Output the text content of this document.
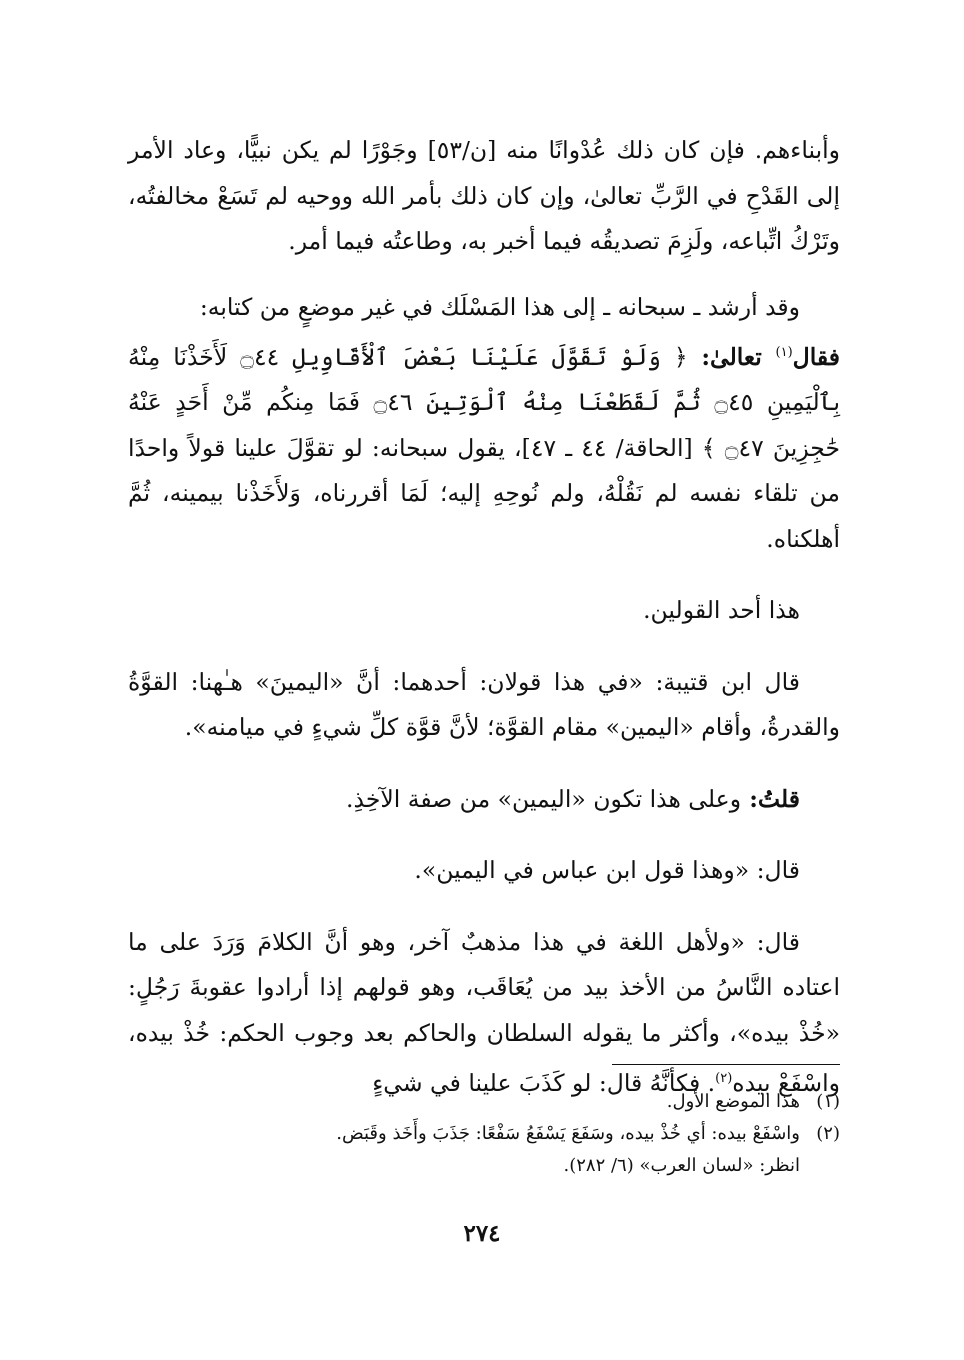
وأبناءهم. فإن كان ذلك عُدْوانًا منه [ن/٥٣] وجَوْرًا لم يكن نبيًّا، وعاد الأمر إلى القَدْحِ في الرَّبِّ تعالىٰ، وإن كان ذلك بأمر الله ووحيه لم تَسَعْ مخالفتُه، وتَرْكُ اتِّباعه، ولَزِمَ تصديقُه فيما أخبر به، وطاعتُه فيما أمر.

وقد أرشد ـ سبحانه ـ إلى هذا المَسْلَك في غير موضعٍ من كتابه:

فقال$^{(١)}$ تعالىٰ: ﴿ وَلَوْ تَقَوَّلَ عَلَيْنَا بَعْضَ ٱلْأَقَاوِيلِ ۝٤٤ لَأَخَذْنَا مِنْهُ بِٱلْيَمِينِ ۝٤٥ ثُمَّ لَقَطَعْنَا مِنْهُ ٱلْوَتِينَ ۝٤٦ فَمَا مِنكُم مِّنْ أَحَدٍ عَنْهُ حَٰجِزِينَ ۝٤٧ ﴾ [الحاقة/ ٤٤ ـ ٤٧]، يقول سبحانه: لو تقوَّلَ علينا قولاً واحدًا من تلقاء نفسه لم نَقُلْهُ، ولم نُوحِهِ إليه؛ لَمَا أقررناه، وَلأَخَذْنا بيمينه، ثُمَّ أهلكناه.

هذا أحد القولين.

قال ابن قتيبة: «في هذا قولان: أحدهما: أنَّ «اليمينَ» هـٰهنا: القوَّةُ والقدرةُ، وأقام «اليمين» مقام القوَّة؛ لأنَّ قوَّة كلِّ شيءٍ في ميامنه».

قلتُ: وعلى هذا تكون «اليمين» من صفة الآخِذِ.

قال: «وهذا قول ابن عباس في اليمين».

قال: «ولأهل اللغة في هذا مذهبٌ آخر، وهو أنَّ الكلامَ وَرَدَ على ما اعتاده النَّاسُ من الأخذ بيد من يُعَاقَب، وهو قولهم إذا أرادوا عقوبةَ رَجُلٍ: «خُذْ بيده»، وأكثر ما يقوله السلطان والحاكم بعد وجوب الحكم: خُذْ بيده، واسْفَعْ بيده$^{(٢)}$. فكأنَّهُ قال: لو كَذَبَ علينا في شيءٍ

(١)هذا الموضع الأول.

(٢)واسْفَعْ بيده: أي خُذْ بيده، وسَفَعَ يَسْفَعُ سَفْعًا: جَذَبَ وأَخَذ وقَبَض.

انظر: «لسان العرب» (٦/ ٢٨٢).

٢٧٤
